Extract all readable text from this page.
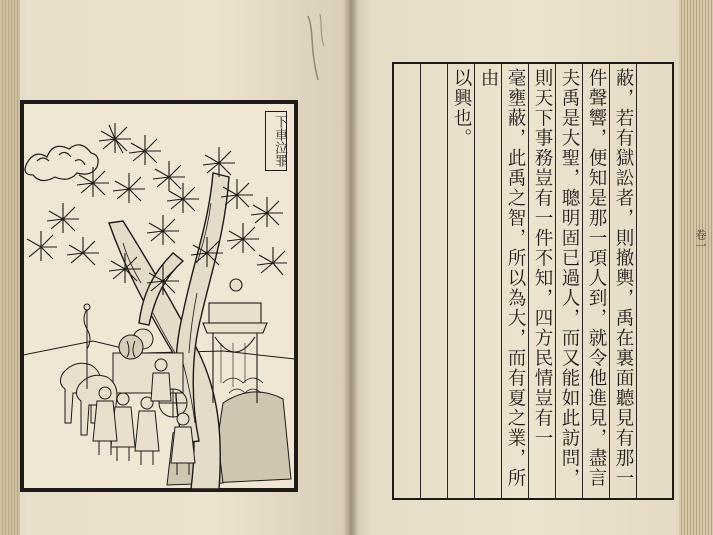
下車泣罪	蔽，若有獄訟者，則撤輿，禹在裏面聽見有那一

件聲響，便知是那一項人到，就令他進見，盡言

夫禹是大聖，聰明固已過人，而又能如此訪問，

則天下事務豈有一件不知，四方民情豈有一

毫壅蔽，此禹之智，所以為大，而有夏之業，所由

以興也。

卷一
